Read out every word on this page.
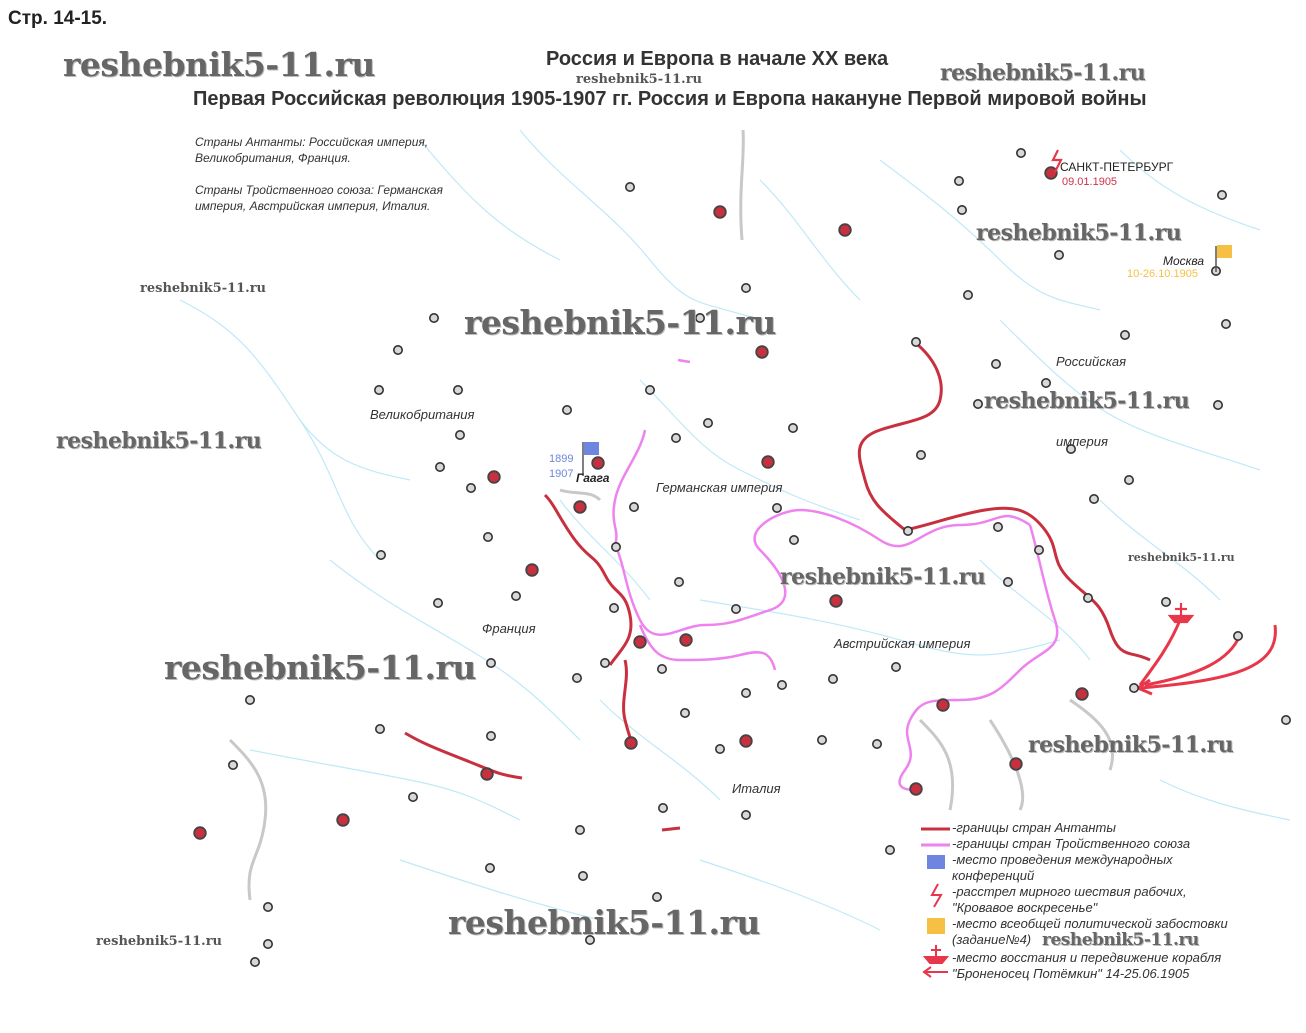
Стр. 14-15.
Россия и Европа в начале XX века
Первая Российская революция 1905-1907 гг. Россия и Европа накануне Первой мировой войны
Страны Антанты: Российская империя,
Великобритания, Франция.
Страны Тройственного союза: Германская
империя, Австрийская империя, Италия.
Великобритания
Франция
Германская империя
Австрийская империя
Италия
Российская
империя
САНКТ-ПЕТЕРБУРГ
09.01.1905
Москва
10-26.10.1905
Гаага
1899
1907
-границы стран Антанты
-границы стран Тройственного союза
-место проведения международных
конференций
-расстрел мирного шествия рабочих,
"Кровавое воскресенье"
-место всеобщей политической забостовки
(задание№4)
-место восстания и передвижение корабля
"Броненосец Потёмкин" 14-25.06.1905
reshebnik5-11.ru	reshebnik5-11.ru	reshebnik5-11.ru
reshebnik5-11.ru
reshebnik5-11.ru
reshebnik5-11.ru
reshebnik5-11.ru
reshebnik5-11.ru
reshebnik5-11.ru
reshebnik5-11.ru
reshebnik5-11.ru
reshebnik5-11.ru
reshebnik5-11.ru
reshebnik5-11.ru	reshebnik5-11.ru
